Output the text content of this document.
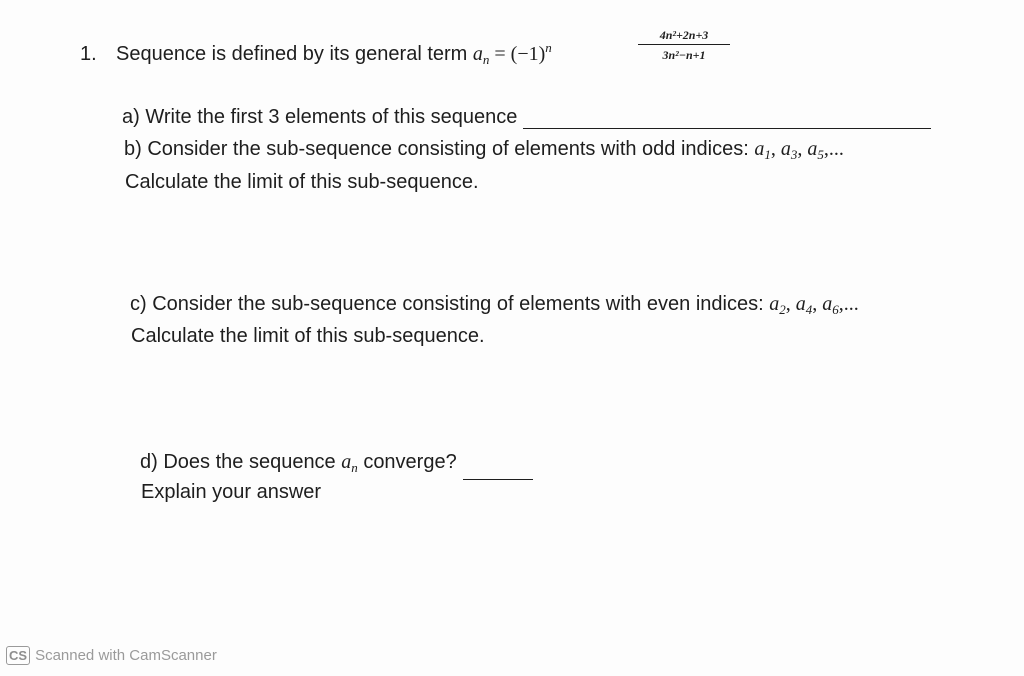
1. Sequence is defined by its general term $a_n = (-1)^n$
4n²+2n+3
3n²−n+1
a) Write the first 3 elements of this sequence
b) Consider the sub-sequence consisting of elements with odd indices: $a_1$, $a_3$, $a_5$,...
Calculate the limit of this sub-sequence.
c) Consider the sub-sequence consisting of elements with even indices: $a_2$, $a_4$, $a_6$,...
Calculate the limit of this sub-sequence.
d) Does the sequence $a_n$ converge?
Explain your answer
CS Scanned with CamScanner
